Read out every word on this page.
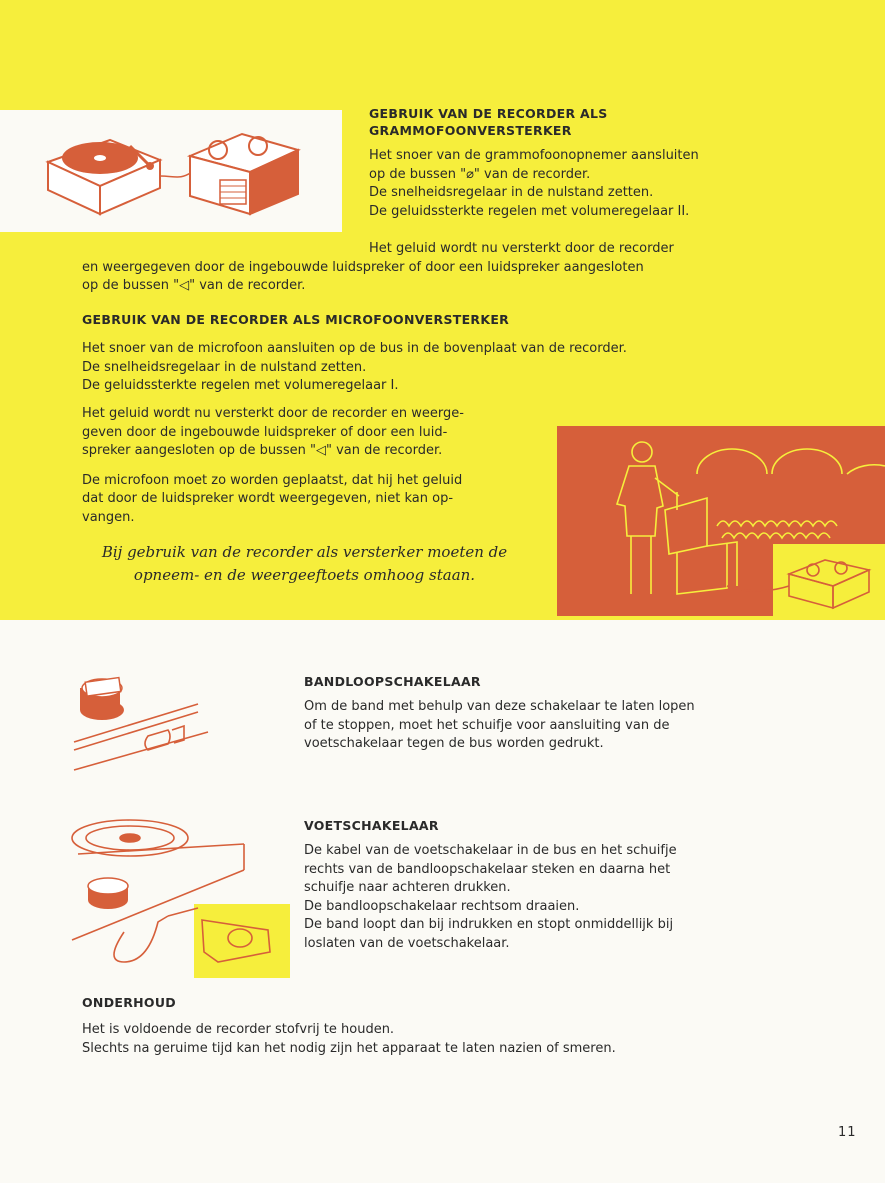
GEBRUIK VAN DE RECORDER ALS

GRAMMOFOONVERSTERKER

Het snoer van de grammofoonopnemer aansluiten
op de bussen "⌀" van de recorder.
De snelheidsregelaar in de nulstand zetten.
De geluidssterkte regelen met volumeregelaar II.

Het geluid wordt nu versterkt door de recorder
en weergegeven door de ingebouwde luidspreker of door een luidspreker aangesloten
op de bussen "◁" van de recorder.

GEBRUIK VAN DE RECORDER ALS MICROFOONVERSTERKER

Het snoer van de microfoon aansluiten op de bus in de bovenplaat van de recorder.
De snelheidsregelaar in de nulstand zetten.
De geluidssterkte regelen met volumeregelaar I.

Het geluid wordt nu versterkt door de recorder en weerge-
geven door de ingebouwde luidspreker of door een luid-
spreker aangesloten op de bussen "◁" van de recorder.

De microfoon moet zo worden geplaatst, dat hij het geluid
dat door de luidspreker wordt weergegeven, niet kan op-
vangen.

Bij gebruik van de recorder als versterker moeten de
opneem- en de weergeeftoets omhoog staan.

BANDLOOPSCHAKELAAR

Om de band met behulp van deze schakelaar te laten lopen
of te stoppen, moet het schuifje voor aansluiting van de
voetschakelaar tegen de bus worden gedrukt.

VOETSCHAKELAAR

De kabel van de voetschakelaar in de bus en het schuifje
rechts van de bandloopschakelaar steken en daarna het
schuifje naar achteren drukken.
De bandloopschakelaar rechtsom draaien.
De band loopt dan bij indrukken en stopt onmiddellijk bij
loslaten van de voetschakelaar.

ONDERHOUD

Het is voldoende de recorder stofvrij te houden.
Slechts na geruime tijd kan het nodig zijn het apparaat te laten nazien of smeren.

11
